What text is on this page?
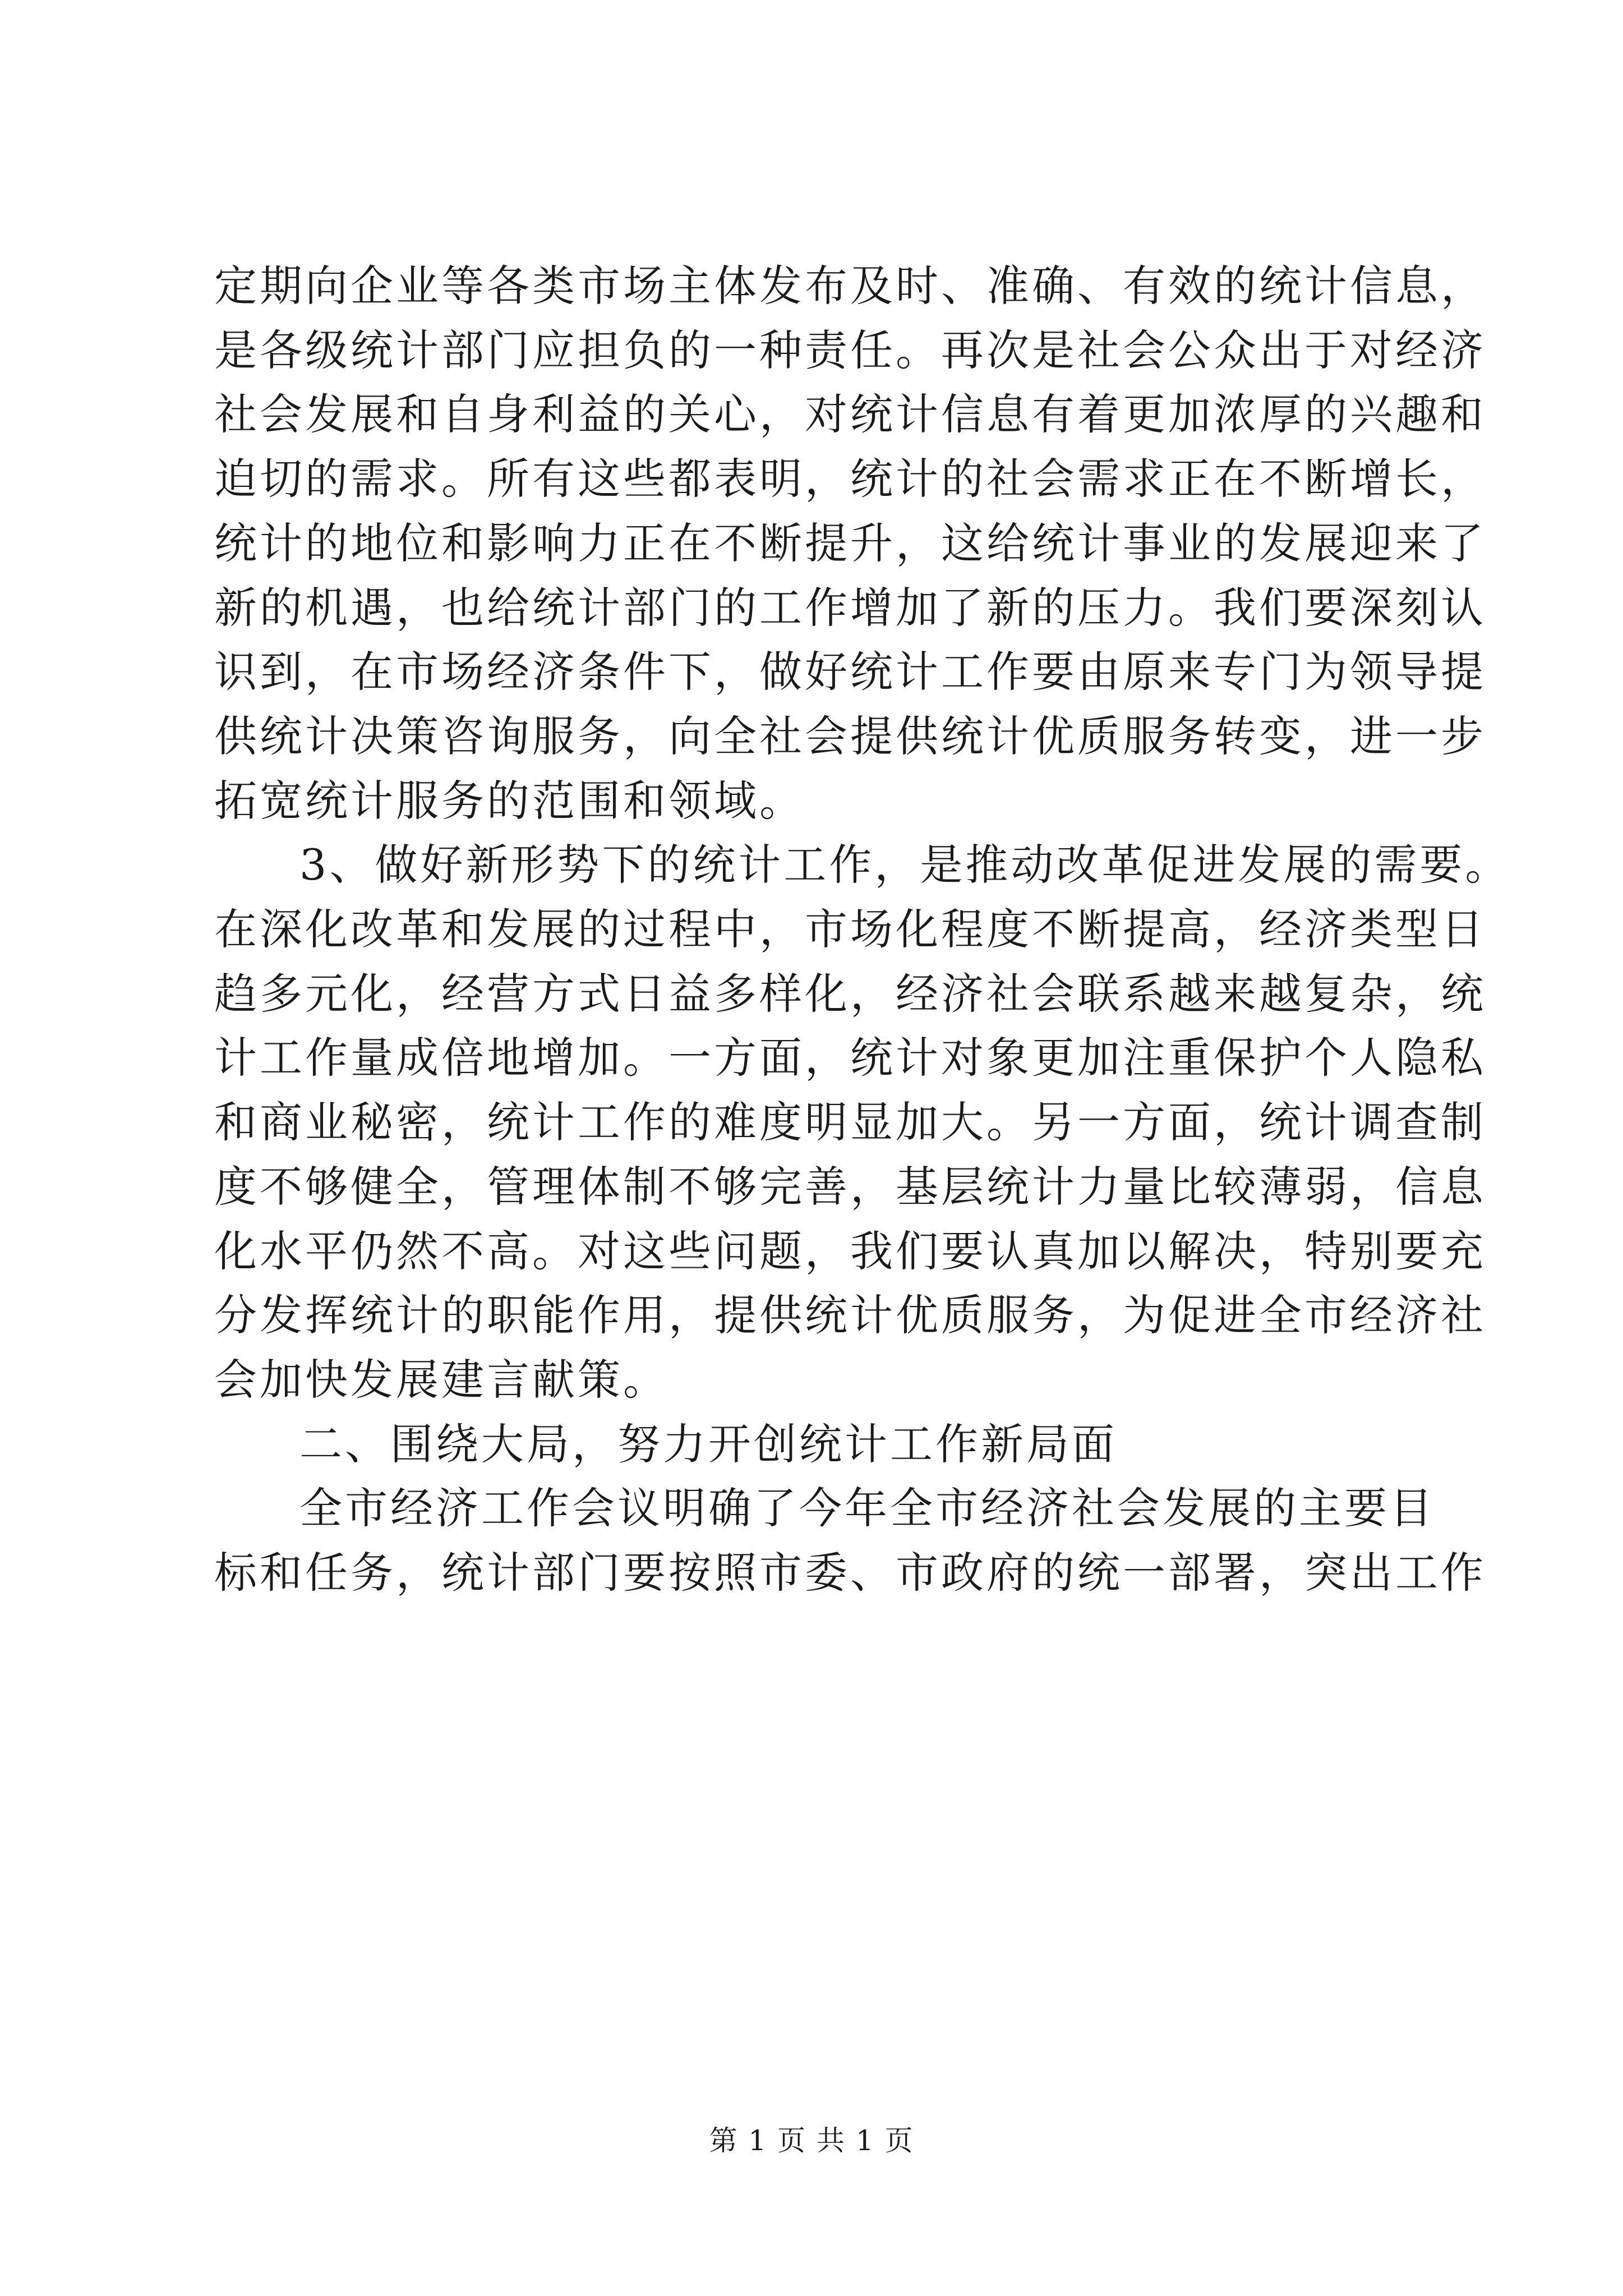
定期向企业等各类市场主体发布及时、准确、有效的统计信息，
是各级统计部门应担负的一种责任。再次是社会公众出于对经济
社会发展和自身利益的关心，对统计信息有着更加浓厚的兴趣和
迫切的需求。所有这些都表明，统计的社会需求正在不断增长，
统计的地位和影响力正在不断提升，这给统计事业的发展迎来了
新的机遇，也给统计部门的工作增加了新的压力。我们要深刻认
识到，在市场经济条件下，做好统计工作要由原来专门为领导提
供统计决策咨询服务，向全社会提供统计优质服务转变，进一步
拓宽统计服务的范围和领域。
3、做好新形势下的统计工作，是推动改革促进发展的需要。
在深化改革和发展的过程中，市场化程度不断提高，经济类型日
趋多元化，经营方式日益多样化，经济社会联系越来越复杂，统
计工作量成倍地增加。一方面，统计对象更加注重保护个人隐私
和商业秘密，统计工作的难度明显加大。另一方面，统计调查制
度不够健全，管理体制不够完善，基层统计力量比较薄弱，信息
化水平仍然不高。对这些问题，我们要认真加以解决，特别要充
分发挥统计的职能作用，提供统计优质服务，为促进全市经济社
会加快发展建言献策。
二、围绕大局，努力开创统计工作新局面
全市经济工作会议明确了今年全市经济社会发展的主要目
标和任务，统计部门要按照市委、市政府的统一部署，突出工作
第 1 页 共 1 页
